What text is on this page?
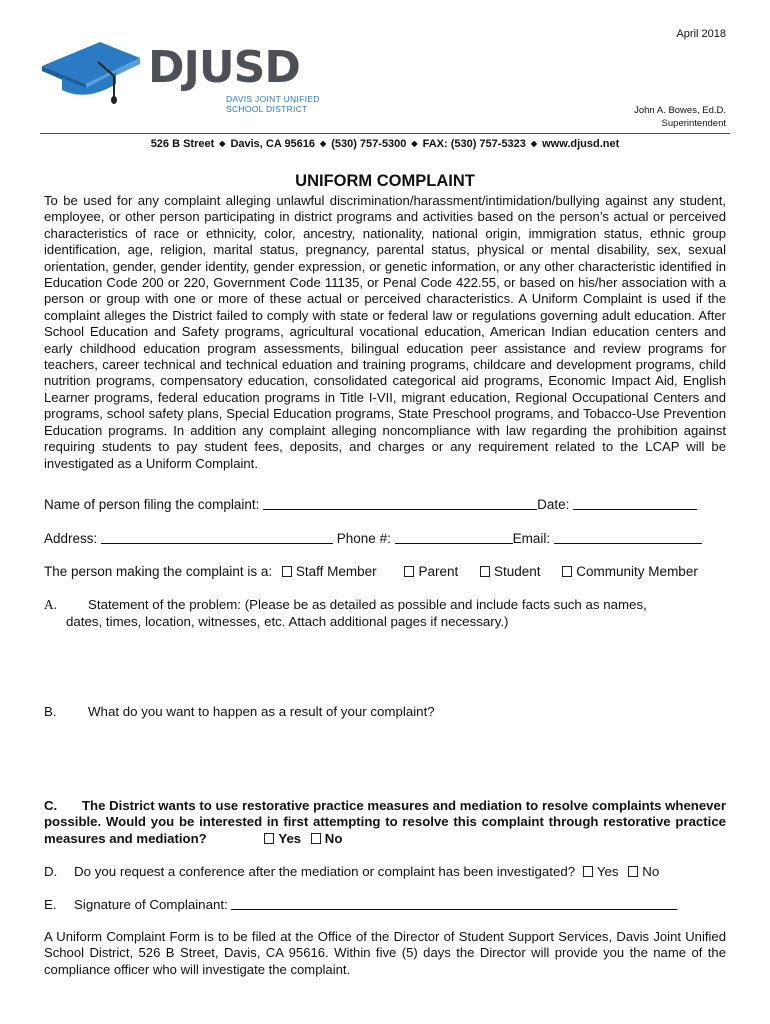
April 2018
DJUSD
DAVIS JOINT UNIFIED
SCHOOL DISTRICT	John A. Bowes, Ed.D.
Superintendent
526 B Street ◆ Davis, CA 95616 ◆ (530) 757-5300 ◆ FAX: (530) 757-5323 ◆ www.djusd.net
UNIFORM COMPLAINT
To be used for any complaint alleging unlawful discrimination/harassment/intimidation/bullying against any student, employee, or other person participating in district programs and activities based on the person’s actual or perceived characteristics of race or ethnicity, color, ancestry, nationality, national origin, immigration status, ethnic group identification, age, religion, marital status, pregnancy, parental status, physical or mental disability, sex, sexual orientation, gender, gender identity, gender expression, or genetic information, or any other characteristic identified in Education Code 200 or 220, Government Code 11135, or Penal Code 422.55, or based on his/her association with a person or group with one or more of these actual or perceived characteristics. A Uniform Complaint is used if the complaint alleges the District failed to comply with state or federal law or regulations governing adult education. After School Education and Safety programs, agricultural vocational education, American Indian education centers and early childhood education program assessments, bilingual education peer assistance and review programs for teachers, career technical and technical eduation and training programs, childcare and development programs, child nutrition programs, compensatory education, consolidated categorical aid programs, Economic Impact Aid, English Learner programs, federal education programs in Title I-VII, migrant education, Regional Occupational Centers and programs, school safety plans, Special Education programs, State Preschool programs, and Tobacco-Use Prevention Education programs. In addition any complaint alleging noncompliance with law regarding the prohibition against requiring students to pay student fees, deposits, and charges or any requirement related to the LCAP will be investigated as a Uniform Complaint.
Name of person filing the complaint:	Date:
Address:	Phone #:	Email:
The person making the complaint is a: Staff Member	Parent	Student	Community Member
A. Statement of the problem: (Please be as detailed as possible and include facts such as names,
dates, times, location, witnesses, etc. Attach additional pages if necessary.)
B. What do you want to happen as a result of your complaint?
C. The District wants to use restorative practice measures and mediation to resolve complaints whenever possible. Would you be interested in first attempting to resolve this complaint through restorative practice measures and mediation?	Yes No
D. Do you request a conference after the mediation or complaint has been investigated? Yes No
E. Signature of Complainant:
A Uniform Complaint Form is to be filed at the Office of the Director of Student Support Services, Davis Joint Unified School District, 526 B Street, Davis, CA 95616. Within five (5) days the Director will provide you the name of the compliance officer who will investigate the complaint.
